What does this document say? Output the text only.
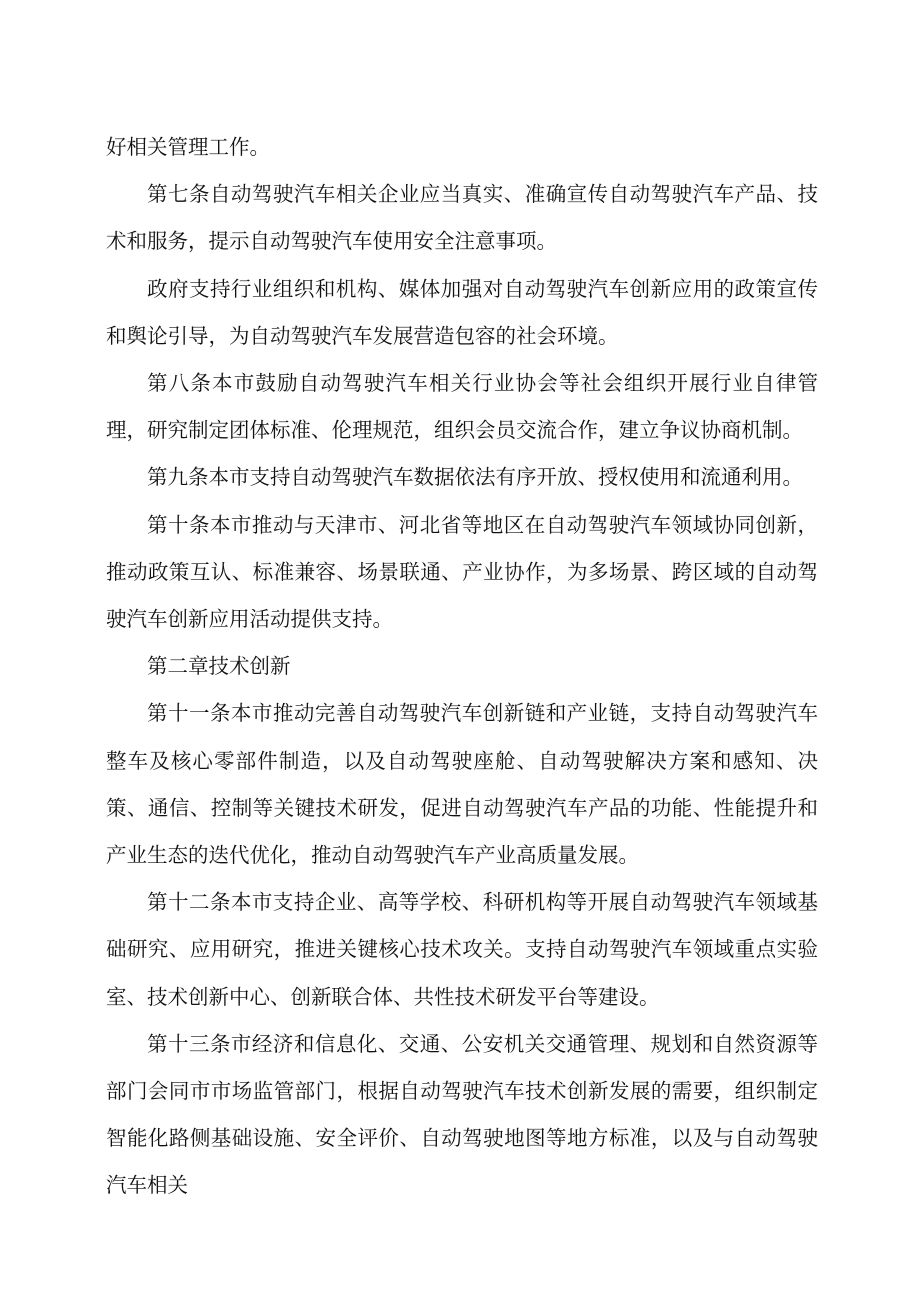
好相关管理工作。

第七条自动驾驶汽车相关企业应当真实、准确宣传自动驾驶汽车产品、技术和服务，提示自动驾驶汽车使用安全注意事项。

政府支持行业组织和机构、媒体加强对自动驾驶汽车创新应用的政策宣传和舆论引导，为自动驾驶汽车发展营造包容的社会环境。

第八条本市鼓励自动驾驶汽车相关行业协会等社会组织开展行业自律管理，研究制定团体标准、伦理规范，组织会员交流合作，建立争议协商机制。

第九条本市支持自动驾驶汽车数据依法有序开放、授权使用和流通利用。

第十条本市推动与天津市、河北省等地区在自动驾驶汽车领域协同创新，推动政策互认、标准兼容、场景联通、产业协作，为多场景、跨区域的自动驾驶汽车创新应用活动提供支持。

第二章技术创新

第十一条本市推动完善自动驾驶汽车创新链和产业链，支持自动驾驶汽车整车及核心零部件制造，以及自动驾驶座舱、自动驾驶解决方案和感知、决策、通信、控制等关键技术研发，促进自动驾驶汽车产品的功能、性能提升和产业生态的迭代优化，推动自动驾驶汽车产业高质量发展。

第十二条本市支持企业、高等学校、科研机构等开展自动驾驶汽车领域基础研究、应用研究，推进关键核心技术攻关。支持自动驾驶汽车领域重点实验室、技术创新中心、创新联合体、共性技术研发平台等建设。

第十三条市经济和信息化、交通、公安机关交通管理、规划和自然资源等部门会同市市场监管部门，根据自动驾驶汽车技术创新发展的需要，组织制定智能化路侧基础设施、安全评价、自动驾驶地图等地方标准，以及与自动驾驶汽车相关
